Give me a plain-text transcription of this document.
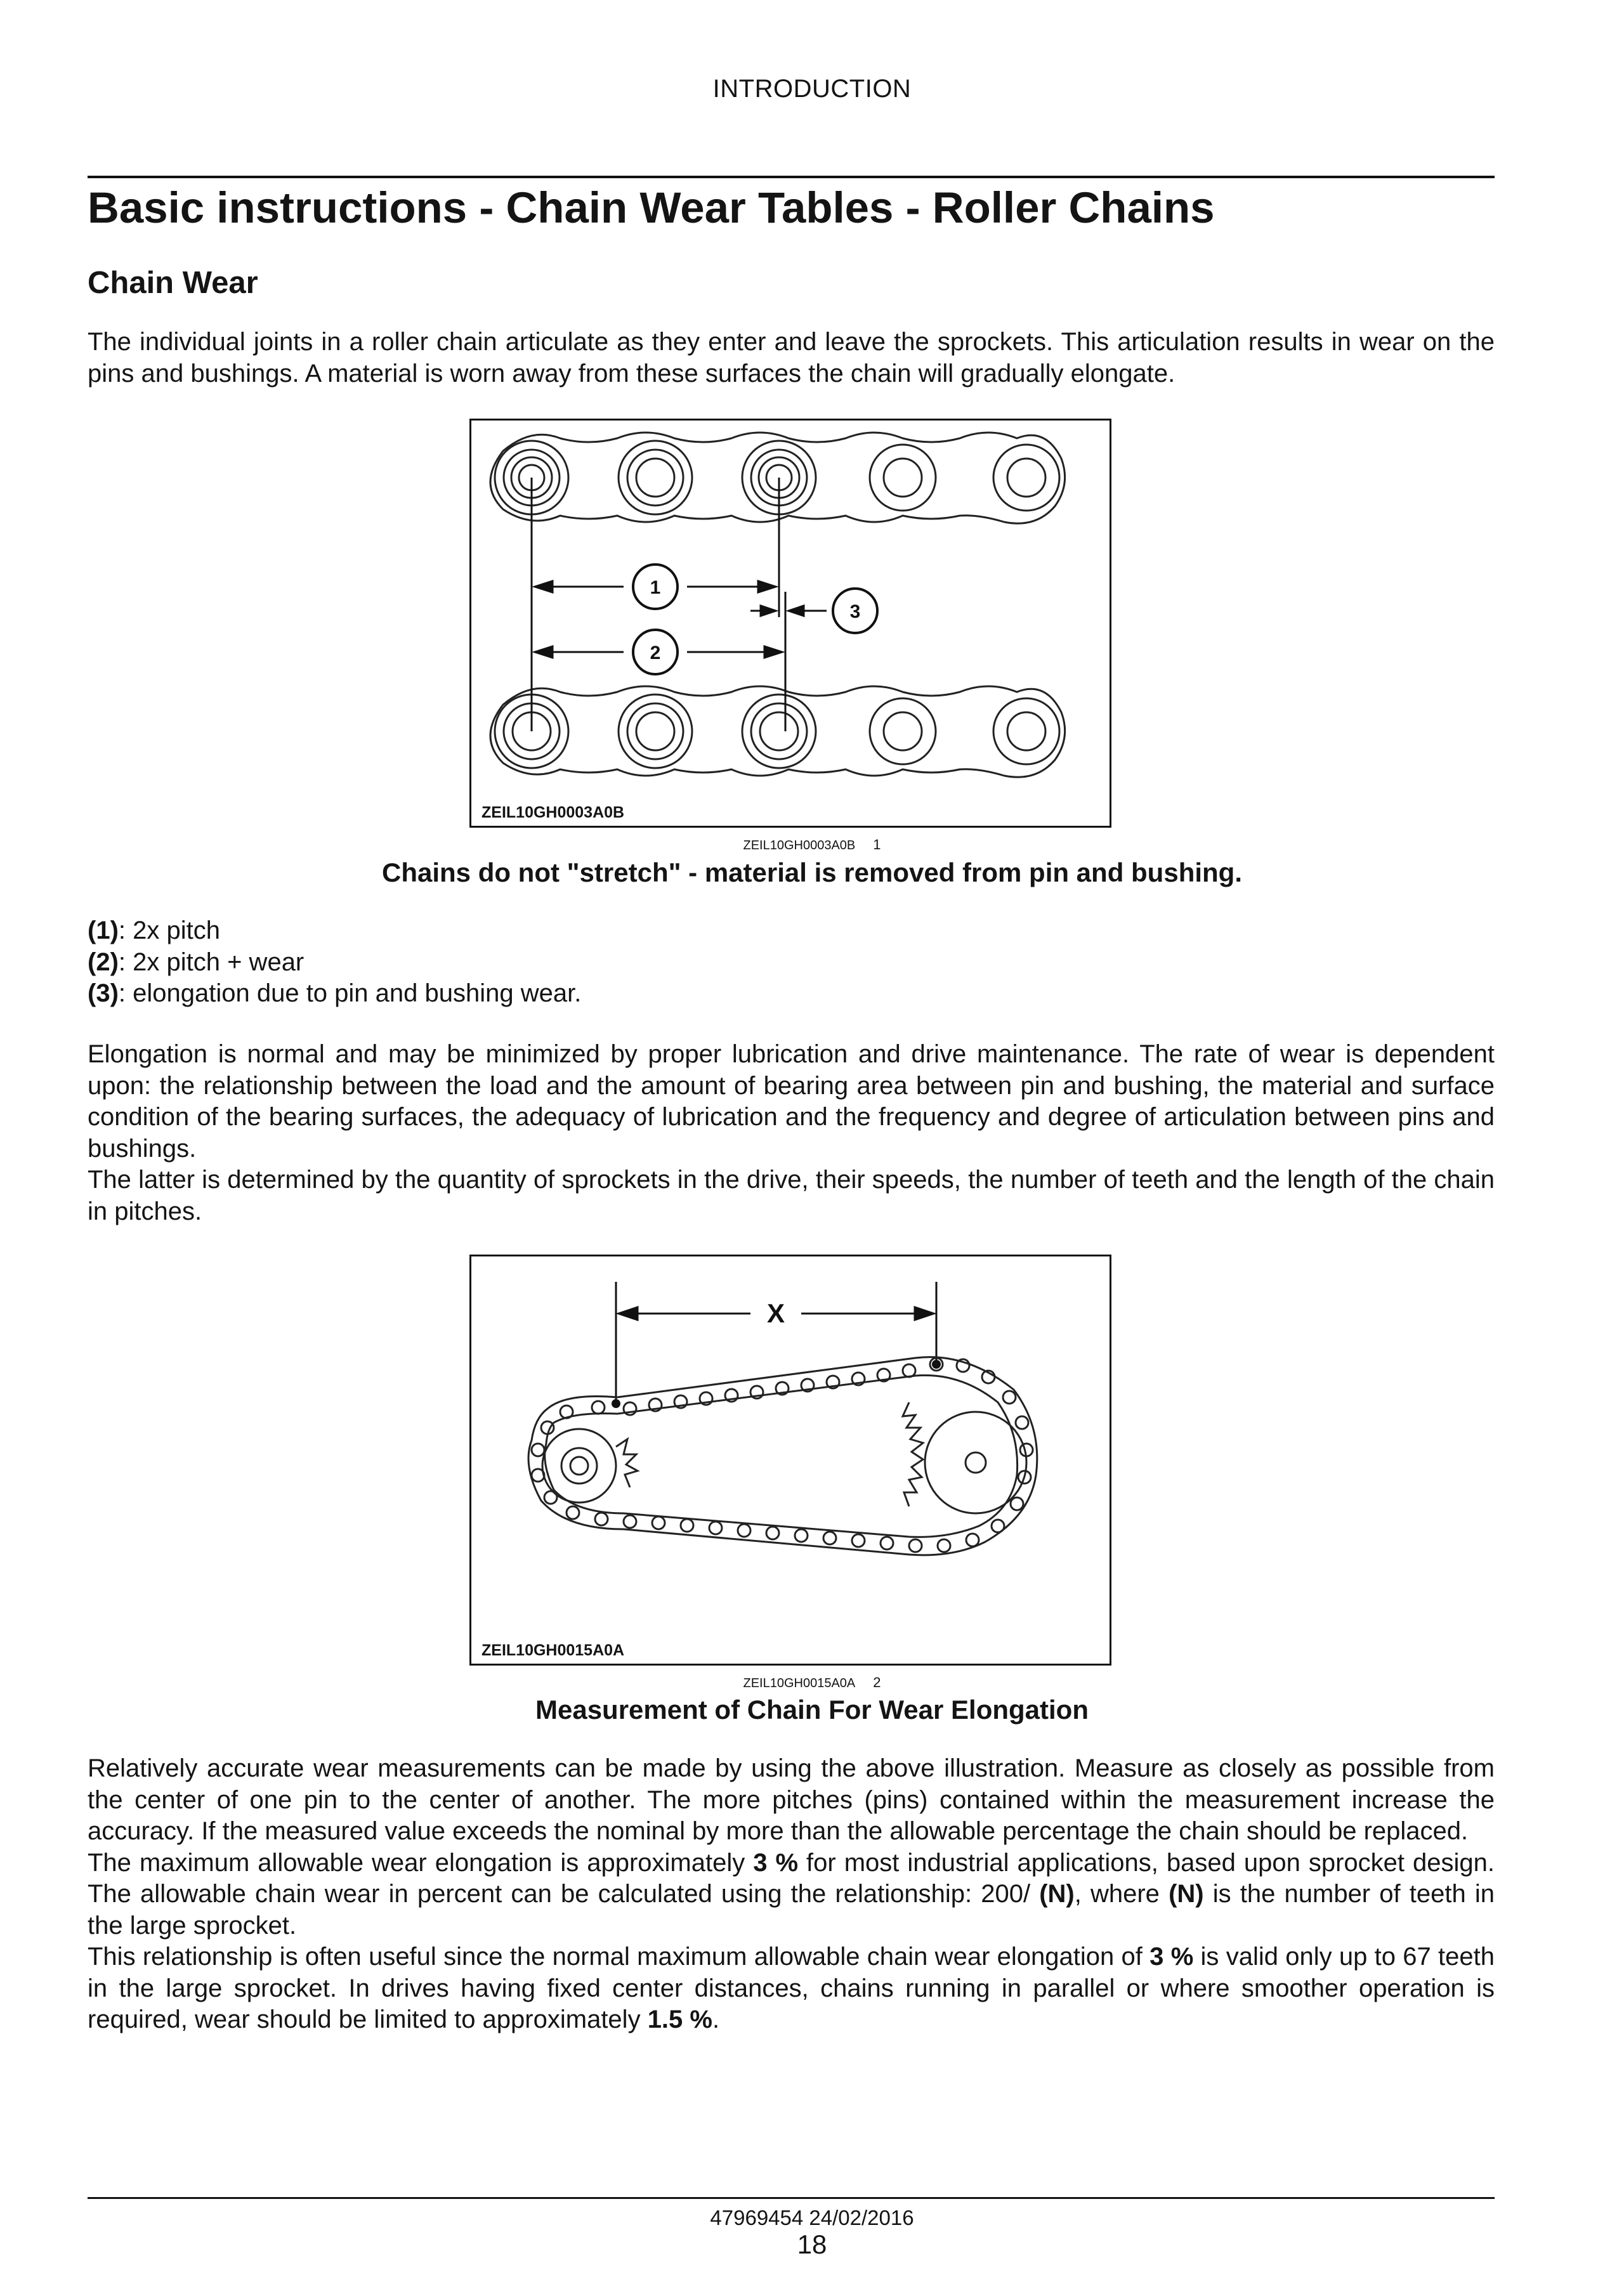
INTRODUCTION
Basic instructions - Chain Wear Tables - Roller Chains
Chain Wear
The individual joints in a roller chain articulate as they enter and leave the sprockets. This articulation results in wear on the pins and bushings. A material is worn away from these surfaces the chain will gradually elongate.
1
2
3
ZEIL10GH0003A0B
ZEIL10GH0003A0B 1
Chains do not "stretch" - material is removed from pin and bushing.
(1): 2x pitch
(2): 2x pitch + wear
(3): elongation due to pin and bushing wear.

Elongation is normal and may be minimized by proper lubrication and drive maintenance. The rate of wear is dependent upon: the relationship between the load and the amount of bearing area between pin and bushing, the material and surface condition of the bearing surfaces, the adequacy of lubrication and the frequency and degree of articulation between pins and bushings.

The latter is determined by the quantity of sprockets in the drive, their speeds, the number of teeth and the length of the chain in pitches.

X
ZEIL10GH0015A0A
ZEIL10GH0015A0A 2
Measurement of Chain For Wear Elongation

Relatively accurate wear measurements can be made by using the above illustration. Measure as closely as possible from the center of one pin to the center of another. The more pitches (pins) contained within the measurement increase the accuracy. If the measured value exceeds the nominal by more than the allowable percentage the chain should be replaced.

The maximum allowable wear elongation is approximately 3 % for most industrial applications, based upon sprocket design. The allowable chain wear in percent can be calculated using the relationship: 200/ (N), where (N) is the number of teeth in the large sprocket.

This relationship is often useful since the normal maximum allowable chain wear elongation of 3 % is valid only up to 67 teeth in the large sprocket. In drives having fixed center distances, chains running in parallel or where smoother operation is required, wear should be limited to approximately 1.5 %.

47969454 24/02/2016
18
